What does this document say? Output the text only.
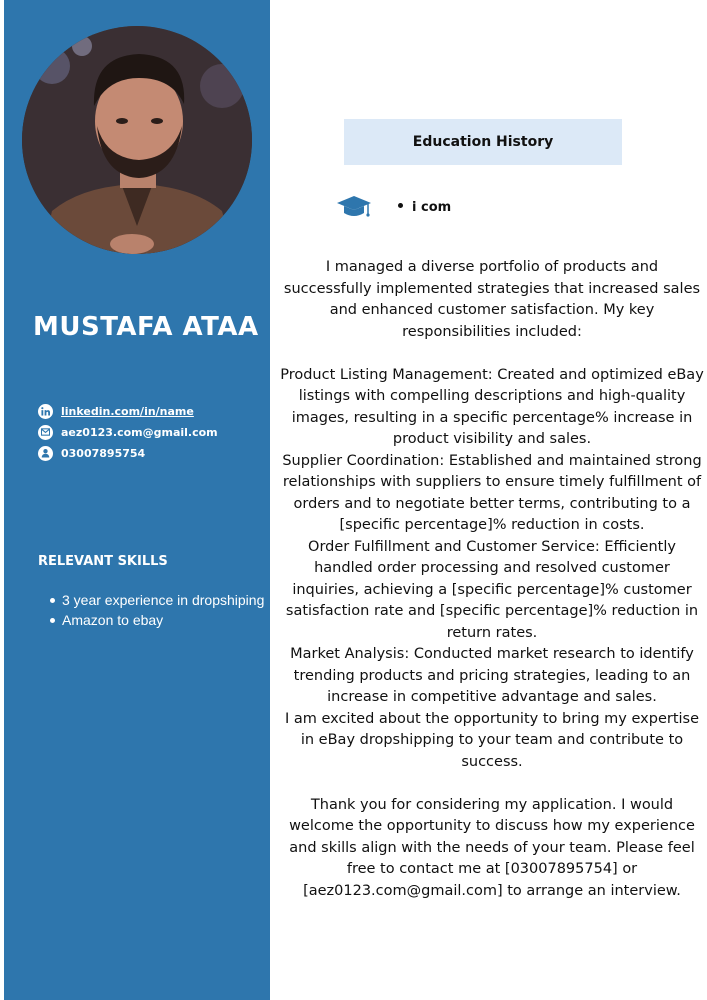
MUSTAFA ATAA
linkedin.com/in/name
aez0123.com@gmail.com
03007895754
RELEVANT SKILLS
3 year experience in dropshiping
Amazon to ebay
Education History
i com

I managed a diverse portfolio of products and successfully implemented strategies that increased sales and enhanced customer satisfaction. My key responsibilities included:

Product Listing Management: Created and optimized eBay listings with compelling descriptions and high-quality images, resulting in a specific percentage% increase in product visibility and sales.

Supplier Coordination: Established and maintained strong relationships with suppliers to ensure timely fulfillment of orders and to negotiate better terms, contributing to a [specific percentage]% reduction in costs.

Order Fulfillment and Customer Service: Efficiently handled order processing and resolved customer inquiries, achieving a [specific percentage]% customer satisfaction rate and [specific percentage]% reduction in return rates.

Market Analysis: Conducted market research to identify trending products and pricing strategies, leading to an increase in competitive advantage and sales.

I am excited about the opportunity to bring my expertise in eBay dropshipping to your team and contribute to success.

Thank you for considering my application. I would welcome the opportunity to discuss how my experience and skills align with the needs of your team. Please feel free to contact me at [03007895754] or [aez0123.com@gmail.com] to arrange an interview.
